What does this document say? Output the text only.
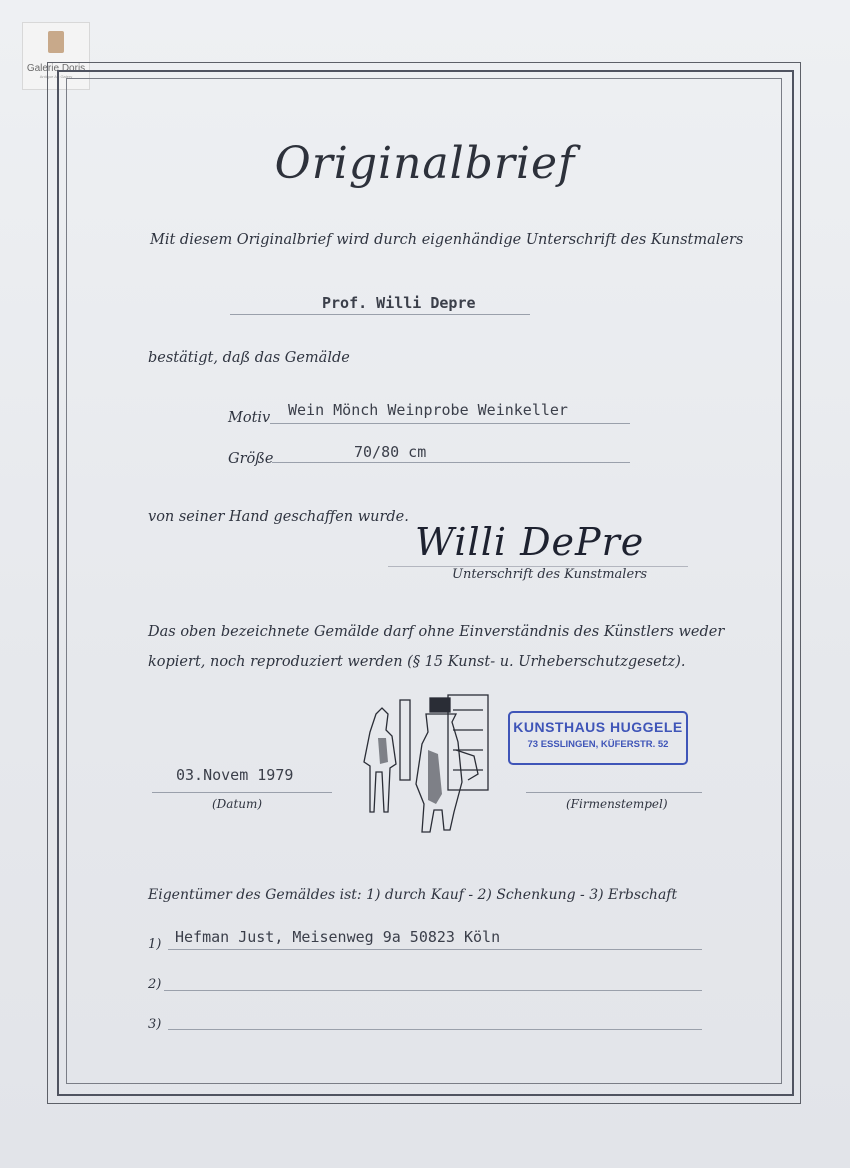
Galerie Doris
Antique Art Galery
Originalbrief
Mit diesem Originalbrief wird durch eigenhändige Unterschrift des Kunstmalers
Prof. Willi Depre
bestätigt, daß das Gemälde
Motiv Wein Mönch Weinprobe Weinkeller
Größe	70/80 cm
von seiner Hand geschaffen wurde.
Willi DePre
Unterschrift des Kunstmalers
Das oben bezeichnete Gemälde darf ohne Einverständnis des Künstlers weder
kopiert, noch reproduziert werden (§ 15 Kunst- u. Urheberschutzgesetz).
KUNSTHAUS HUGGELE
73 ESSLINGEN, KÜFERSTR. 52
03.Novem 1979
(Datum)	(Firmenstempel)
Eigentümer des Gemäldes ist: 1) durch Kauf - 2) Schenkung - 3) Erbschaft
1) Hefman Just, Meisenweg 9a 50823 Köln
2)
3)
